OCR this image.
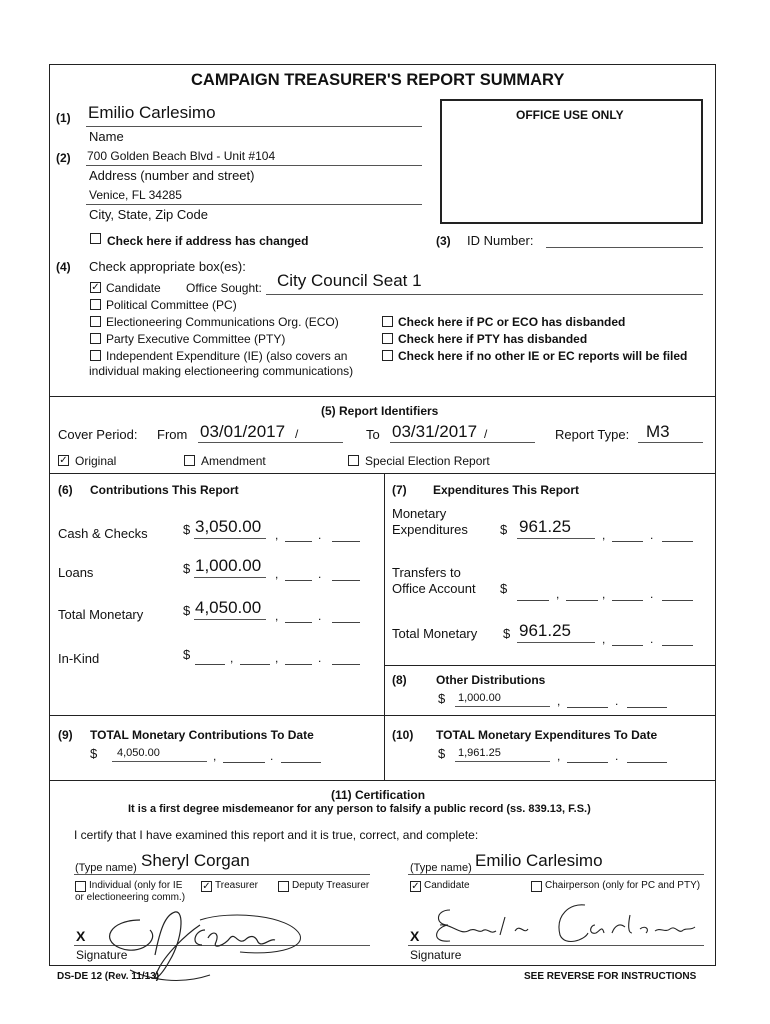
CAMPAIGN TREASURER'S REPORT SUMMARY
(1) Emilio Carlesimo
Name
(2) 700 Golden Beach Blvd - Unit #104
Address (number and street)
Venice, FL 34285
City, State, Zip Code
Check here if address has changed
OFFICE USE ONLY
(3) ID Number:
(4) Check appropriate box(es):
✓ Candidate Office Sought: City Council Seat 1
Political Committee (PC)
Electioneering Communications Org. (ECO)
Party Executive Committee (PTY)
Independent Expenditure (IE) (also covers an
individual making electioneering communications)
Check here if PC or ECO has disbanded
Check here if PTY has disbanded
Check here if no other IE or EC reports will be filed
(5) Report Identifiers
Cover Period: From 03/01/2017 /	To 03/31/2017 /	Report Type: M3
✓ Original	Amendment	Special Election Report
(6) Contributions This Report
Cash & Checks	$ 3,050.00 ,	.
Loans	$ 1,000.00 ,	.
Total Monetary	$ 4,050.00 ,	.
In-Kind	$	,	,	.
(7) Expenditures This Report
Monetary
Expenditures $ 961.25	,	.
Transfers to
Office Account $	,	,	.
Total Monetary $ 961.25	,	.
(8) Other Distributions
$ 1,000.00	,	.
(9) TOTAL Monetary Contributions To Date
$ 4,050.00	,	.
(10) TOTAL Monetary Expenditures To Date
$ 1,961.25	,	.
(11) Certification
It is a first degree misdemeanor for any person to falsify a public record (ss. 839.13, F.S.)
I certify that I have examined this report and it is true, correct, and complete:
(Type name) Sheryl Corgan
Individual (only for IE
or electioneering comm.)
✓ Treasurer	Deputy Treasurer
(Type name) Emilio Carlesimo
✓ Candidate	Chairperson (only for PC and PTY)
X
Signature
X
Signature
DS-DE 12 (Rev. 11/13)	SEE REVERSE FOR INSTRUCTIONS
